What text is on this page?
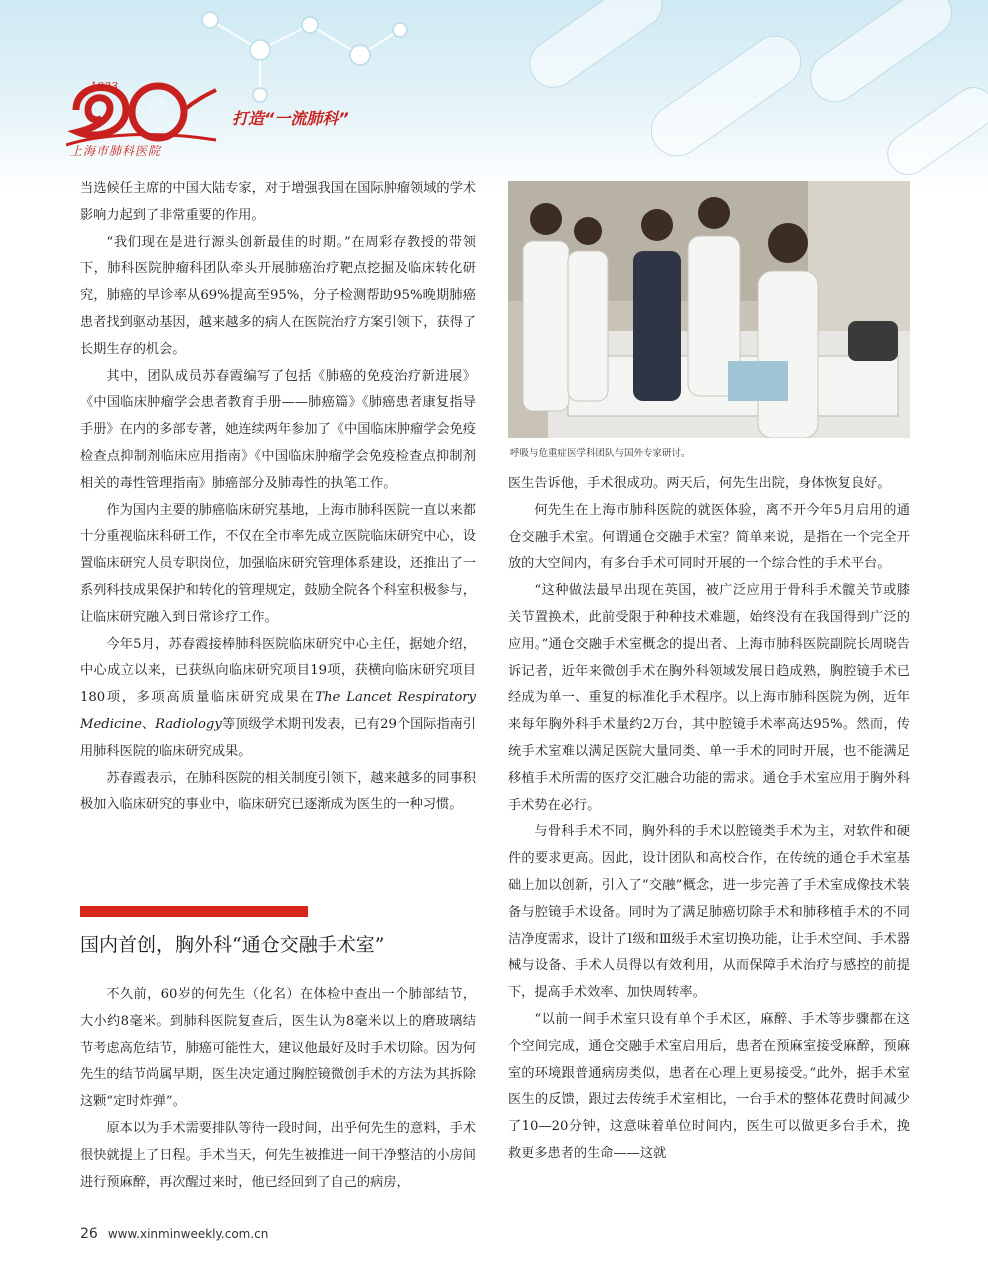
1933
上海市肺科医院
打造“一流肺科”

当选候任主席的中国大陆专家，对于增强我国在国际肿瘤领域的学术影响力起到了非常重要的作用。

“我们现在是进行源头创新最佳的时期。”在周彩存教授的带领下，肺科医院肿瘤科团队牵头开展肺癌治疗靶点挖掘及临床转化研究，肺癌的早诊率从69%提高至95%，分子检测帮助95%晚期肺癌患者找到驱动基因，越来越多的病人在医院治疗方案引领下，获得了长期生存的机会。

其中，团队成员苏春霞编写了包括《肺癌的免疫治疗新进展》《中国临床肿瘤学会患者教育手册——肺癌篇》《肺癌患者康复指导手册》在内的多部专著，她连续两年参加了《中国临床肿瘤学会免疫检查点抑制剂临床应用指南》《中国临床肿瘤学会免疫检查点抑制剂相关的毒性管理指南》肺癌部分及肺毒性的执笔工作。

作为国内主要的肺癌临床研究基地，上海市肺科医院一直以来都十分重视临床科研工作，不仅在全市率先成立医院临床研究中心，设置临床研究人员专职岗位，加强临床研究管理体系建设，还推出了一系列科技成果保护和转化的管理规定，鼓励全院各个科室积极参与，让临床研究融入到日常诊疗工作。

今年5月，苏春霞接棒肺科医院临床研究中心主任，据她介绍，中心成立以来，已获纵向临床研究项目19项，获横向临床研究项目180项，多项高质量临床研究成果在The Lancet Respiratory Medicine、Radiology等顶级学术期刊发表，已有29个国际指南引用肺科医院的临床研究成果。

苏春霞表示，在肺科医院的相关制度引领下，越来越多的同事积极加入临床研究的事业中，临床研究已逐渐成为医生的一种习惯。

国内首创，胸外科“通仓交融手术室”

不久前，60岁的何先生（化名）在体检中查出一个肺部结节，大小约8毫米。到肺科医院复查后，医生认为8毫米以上的磨玻璃结节考虑高危结节，肺癌可能性大，建议他最好及时手术切除。因为何先生的结节尚属早期，医生决定通过胸腔镜微创手术的方法为其拆除这颗“定时炸弹”。

原本以为手术需要排队等待一段时间，出乎何先生的意料，手术很快就提上了日程。手术当天，何先生被推进一间干净整洁的小房间进行预麻醉，再次醒过来时，他已经回到了自己的病房，

呼吸与危重症医学科团队与国外专家研讨。

医生告诉他，手术很成功。两天后，何先生出院，身体恢复良好。

何先生在上海市肺科医院的就医体验，离不开今年5月启用的通仓交融手术室。何谓通仓交融手术室？简单来说，是指在一个完全开放的大空间内，有多台手术可同时开展的一个综合性的手术平台。

“这种做法最早出现在英国，被广泛应用于骨科手术髋关节或膝关节置换术，此前受限于种种技术难题，始终没有在我国得到广泛的应用。”通仓交融手术室概念的提出者、上海市肺科医院副院长周晓告诉记者，近年来微创手术在胸外科领域发展日趋成熟，胸腔镜手术已经成为单一、重复的标准化手术程序。以上海市肺科医院为例，近年来每年胸外科手术量约2万台，其中腔镜手术率高达95%。然而，传统手术室难以满足医院大量同类、单一手术的同时开展，也不能满足移植手术所需的医疗交汇融合功能的需求。通仓手术室应用于胸外科手术势在必行。

与骨科手术不同，胸外科的手术以腔镜类手术为主，对软件和硬件的要求更高。因此，设计团队和高校合作，在传统的通仓手术室基础上加以创新，引入了“交融”概念，进一步完善了手术室成像技术装备与腔镜手术设备。同时为了满足肺癌切除手术和肺移植手术的不同洁净度需求，设计了Ⅰ级和Ⅲ级手术室切换功能，让手术空间、手术器械与设备、手术人员得以有效利用，从而保障手术治疗与感控的前提下，提高手术效率、加快周转率。

“以前一间手术室只设有单个手术区，麻醉、手术等步骤都在这个空间完成，通仓交融手术室启用后，患者在预麻室接受麻醉，预麻室的环境跟普通病房类似，患者在心理上更易接受。”此外，据手术室医生的反馈，跟过去传统手术室相比，一台手术的整体花费时间减少了10—20分钟，这意味着单位时间内，医生可以做更多台手术，挽救更多患者的生命——这就

26 www.xinminweekly.com.cn
